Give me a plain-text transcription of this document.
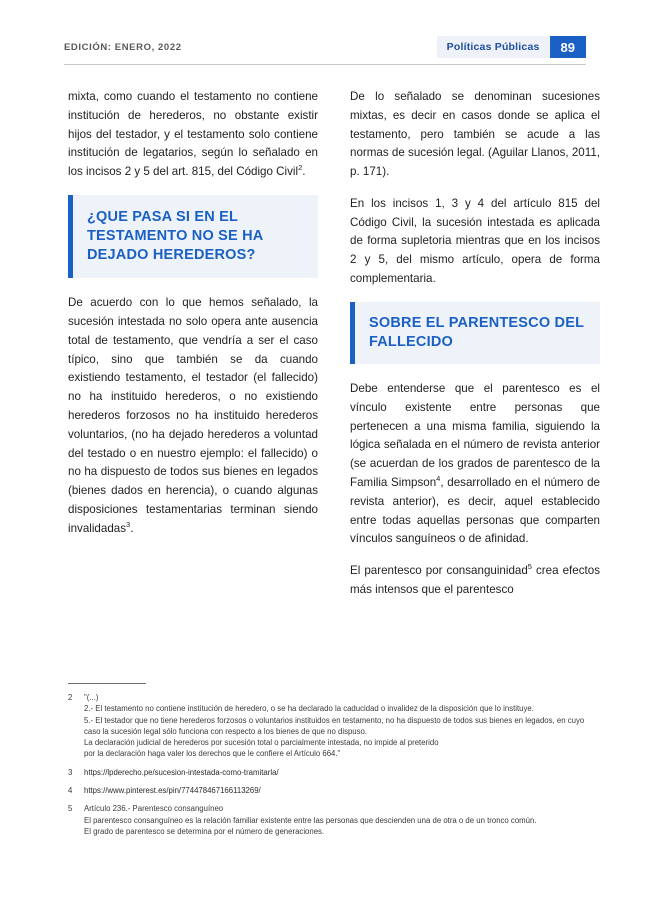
EDICIÓN: ENERO, 2022	Políticas Públicas	89

mixta, como cuando el testamento no contiene institución de herederos, no obstante existir hijos del testador, y el testamento solo contiene institución de legatarios, según lo señalado en los incisos 2 y 5 del art. 815, del Código Civil$^2$.

¿QUE PASA SI EN EL TESTAMENTO NO SE HA DEJADO HEREDEROS?

De acuerdo con lo que hemos señalado, la sucesión intestada no solo opera ante ausencia total de testamento, que vendría a ser el caso típico, sino que también se da cuando existiendo testamento, el testador (el fallecido) no ha instituido herederos, o no existiendo herederos forzosos no ha instituido herederos voluntarios, (no ha dejado herederos a voluntad del testado o en nuestro ejemplo: el fallecido) o no ha dispuesto de todos sus bienes en legados (bienes dados en herencia), o cuando algunas disposiciones testamentarias terminan siendo invalidadas$^3$.

De lo señalado se denominan sucesiones mixtas, es decir en casos donde se aplica el testamento, pero también se acude a las normas de sucesión legal. (Aguilar Llanos, 2011, p. 171).

En los incisos 1, 3 y 4 del artículo 815 del Código Civil, la sucesión intestada es aplicada de forma supletoria mientras que en los incisos 2 y 5, del mismo artículo, opera de forma complementaria.

SOBRE EL PARENTESCO DEL FALLECIDO

Debe entenderse que el parentesco es el vínculo existente entre personas que pertenecen a una misma familia, siguiendo la lógica señalada en el número de revista anterior (se acuerdan de los grados de parentesco de la Familia Simpson$^4$, desarrollado en el número de revista anterior), es decir, aquel establecido entre todas aquellas personas que comparten vínculos sanguíneos o de afinidad.

El parentesco por consanguinidad$^5$ crea efectos más intensos que el parentesco

2	"(...)
2.- El testamento no contiene institución de heredero, o se ha declarado la caducidad o invalidez de la disposición que lo instituye.
5.- El testador que no tiene herederos forzosos o voluntarios instituidos en testamento, no ha dispuesto de todos sus bienes en legados, en cuyo caso la sucesión legal sólo funciona con respecto a los bienes de que no dispuso.
La declaración judicial de herederos por sucesión total o parcialmente intestada, no impide al preterido
por la declaración haga valer los derechos que le confiere el Artículo 664."
3	https://lpderecho.pe/sucesion-intestada-como-tramitarla/
4	https://www.pinterest.es/pin/774478467166113269/
5	Artículo 236.- Parentesco consanguíneo
El parentesco consanguíneo es la relación familiar existente entre las personas que descienden una de otra o de un tronco común.
El grado de parentesco se determina por el número de generaciones.
